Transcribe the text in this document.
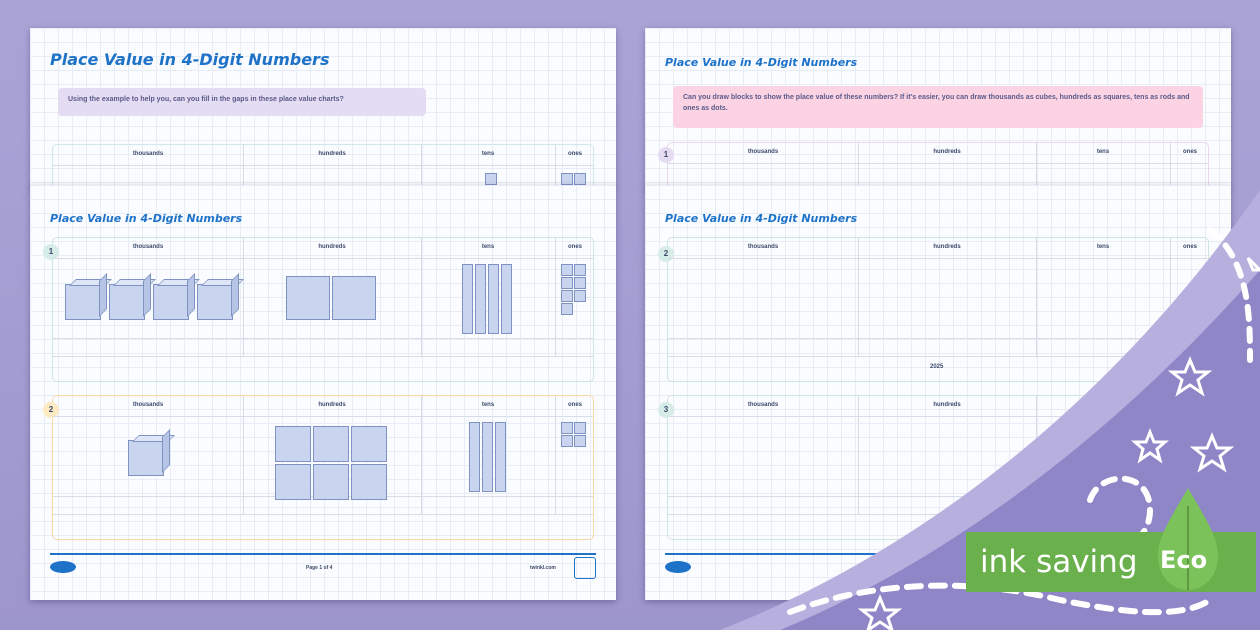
Place Value in 4-Digit Numbers
Using the example to help you, can you fill in the gaps in these place value charts?
thousands	hundreds	tens	ones
Place Value in 4-Digit Numbers
Can you draw blocks to show the place value of these numbers? If it's easier, you can draw thousands as cubes, hundreds as squares, tens as rods and ones as dots.
1	thousands	hundreds	tens	ones
Place Value in 4-Digit Numbers
1	thousands	hundreds	tens	ones
2	thousands	hundreds	tens	ones
Page 1 of 4	twinkl.com
Place Value in 4-Digit Numbers
2
thousands	hundreds	tens	ones
2025
3	thousands	hundreds
ink saving Eco
